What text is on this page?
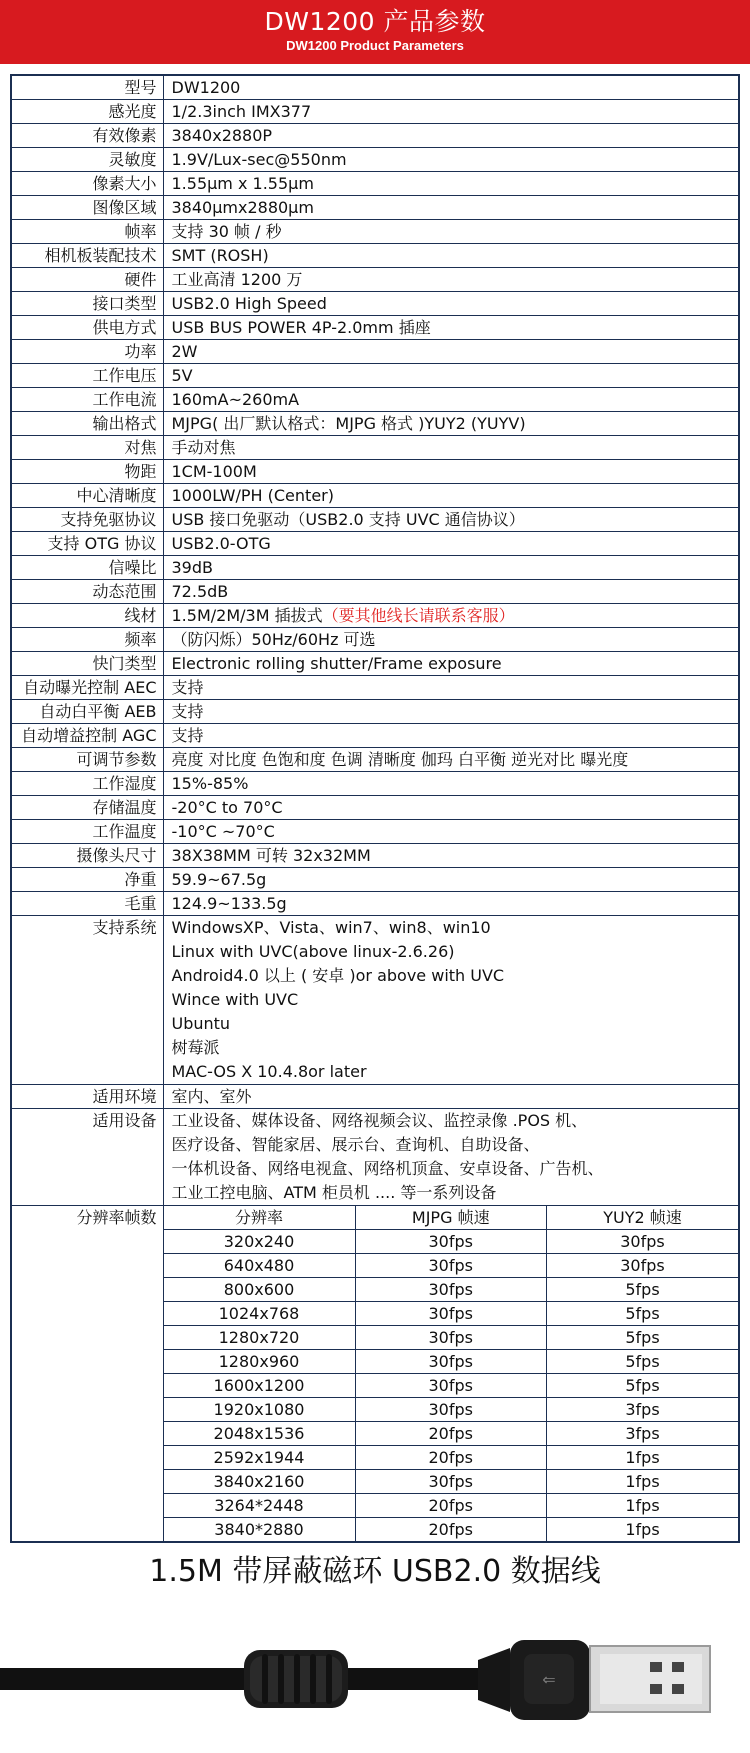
DW1200 产品参数
DW1200 Product Parameters
型号	DW1200
感光度	1/2.3inch IMX377
有效像素	3840x2880P
灵敏度	1.9V/Lux-sec@550nm
像素大小	1.55μm x 1.55μm
图像区域	3840μmx2880μm
帧率	支持 30 帧 / 秒
相机板装配技术	SMT (ROSH)
硬件	工业高清 1200 万
接口类型	USB2.0 High Speed
供电方式	USB BUS POWER 4P-2.0mm 插座
功率	2W
工作电压	5V
工作电流	160mA~260mA
输出格式	MJPG( 出厂默认格式：MJPG 格式 )YUY2 (YUYV)
对焦	手动对焦
物距	1CM-100M
中心清晰度	1000LW/PH (Center)
支持免驱协议	USB 接口免驱动（USB2.0 支持 UVC 通信协议）
支持 OTG 协议	USB2.0-OTG
信噪比	39dB
动态范围	72.5dB
线材	1.5M/2M/3M 插拔式（要其他线长请联系客服）
频率	（防闪烁）50Hz/60Hz 可选
快门类型	Electronic rolling shutter/Frame exposure
自动曝光控制 AEC	支持
自动白平衡 AEB	支持
自动增益控制 AGC	支持
可调节参数	亮度 对比度 色饱和度 色调 清晰度 伽玛 白平衡 逆光对比 曝光度
工作湿度	15%-85%
存储温度	-20°C to 70°C
工作温度	-10°C ~70°C
摄像头尺寸	38X38MM 可转 32x32MM
净重	59.9~67.5g
毛重	124.9~133.5g
支持系统	WindowsXP、Vista、win7、win8、win10
Linux with UVC(above linux-2.6.26)
Android4.0 以上 ( 安卓 )or above with UVC
Wince with UVC
Ubuntu
树莓派
MAC-OS X 10.4.8or later

适用环境	室内、室外
适用设备	工业设备、媒体设备、网络视频会议、监控录像 .POS 机、
医疗设备、智能家居、展示台、查询机、自助设备、
一体机设备、网络电视盒、网络机顶盒、安卓设备、广告机、
工业工控电脑、ATM 柜员机 .... 等一系列设备

分辨率帧数		分辨率	MJPG 帧速	YUY2 帧速
320x240	30fps	30fps
640x480	30fps	30fps
800x600	30fps	5fps
1024x768	30fps	5fps
1280x720	30fps	5fps
1280x960	30fps	5fps
1600x1200	30fps	5fps
1920x1080	30fps	3fps
2048x1536	20fps	3fps
2592x1944	20fps	1fps
3840x2160	30fps	1fps
3264*2448	20fps	1fps
3840*2880	20fps	1fps
1.5M 带屏蔽磁环 USB2.0 数据线
⇐
